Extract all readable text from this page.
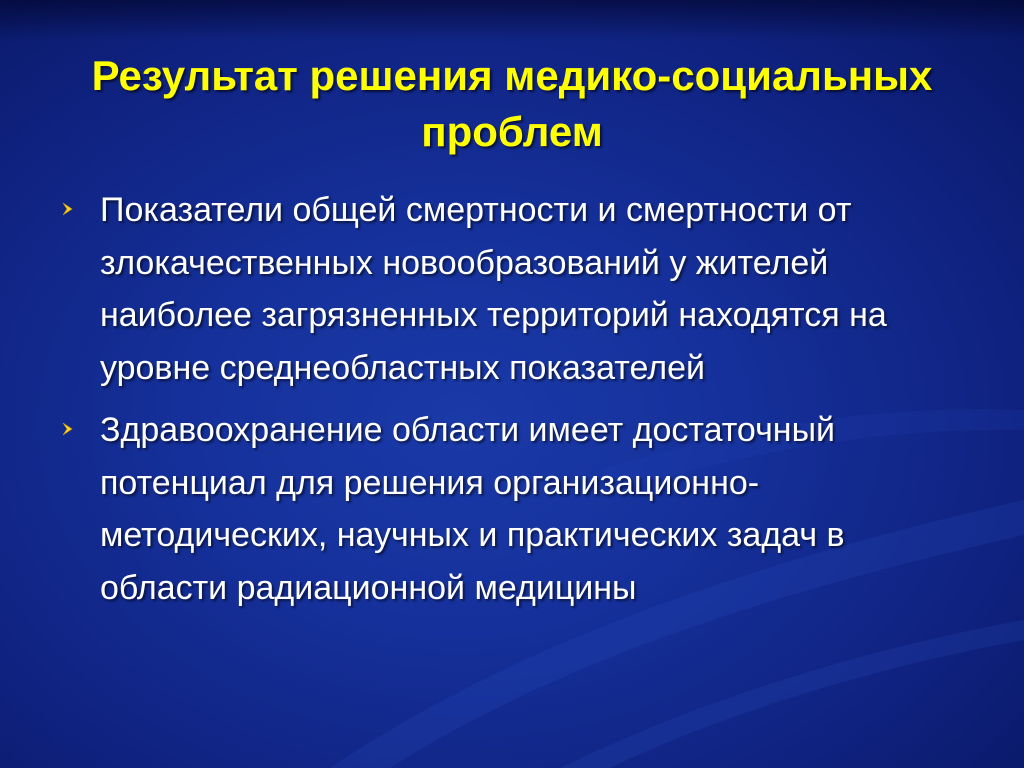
Результат решения медико-социальных проблем
Показатели общей смертности и смертности от злокачественных новообразований у жителей наиболее загрязненных территорий находятся на уровне среднеобластных показателей
Здравоохранение области имеет достаточный потенциал для решения организационно-методических, научных и практических задач в области радиационной медицины
